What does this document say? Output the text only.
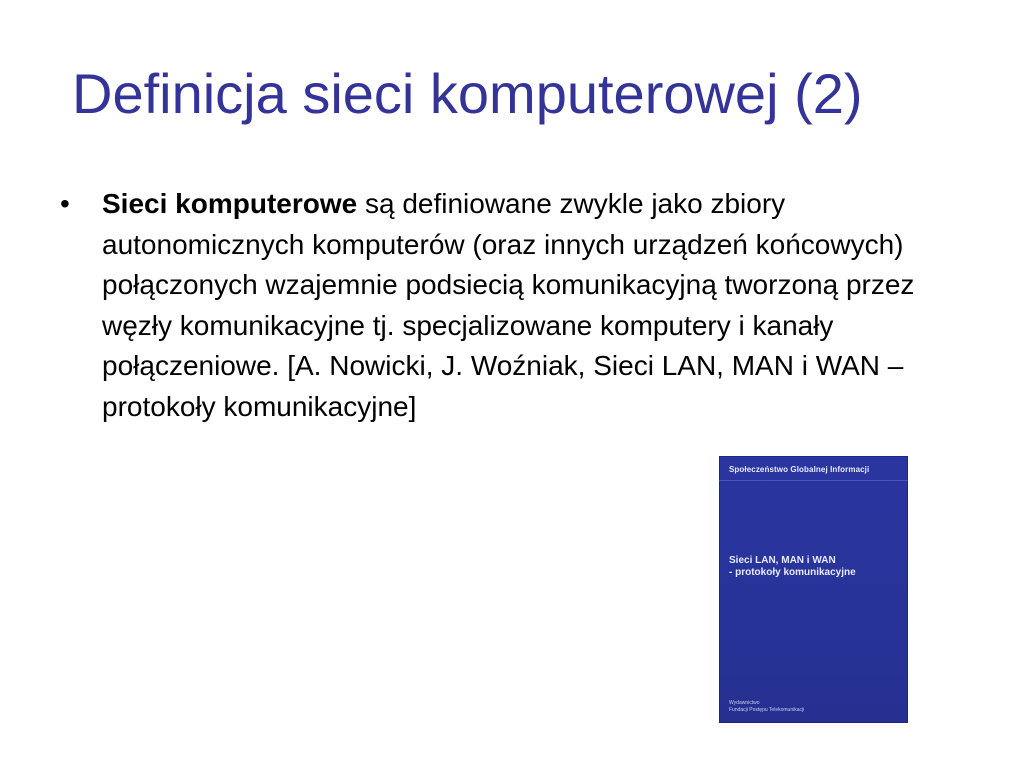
Definicja sieci komputerowej (2)
• Sieci komputerowe są definiowane zwykle jako zbiory autonomicznych komputerów (oraz innych urządzeń końcowych) połączonych wzajemnie podsiecią komunikacyjną tworzoną przez węzły komunikacyjne tj. specjalizowane komputery i kanały połączeniowe. [A. Nowicki, J. Woźniak, Sieci LAN, MAN i WAN – protokoły komunikacyjne]
Społeczeństwo Globalnej Informacji
Sieci LAN, MAN i WAN
- protokoły komunikacyjne
Wydawnictwo
Fundacji Postępu Telekomunikacji
